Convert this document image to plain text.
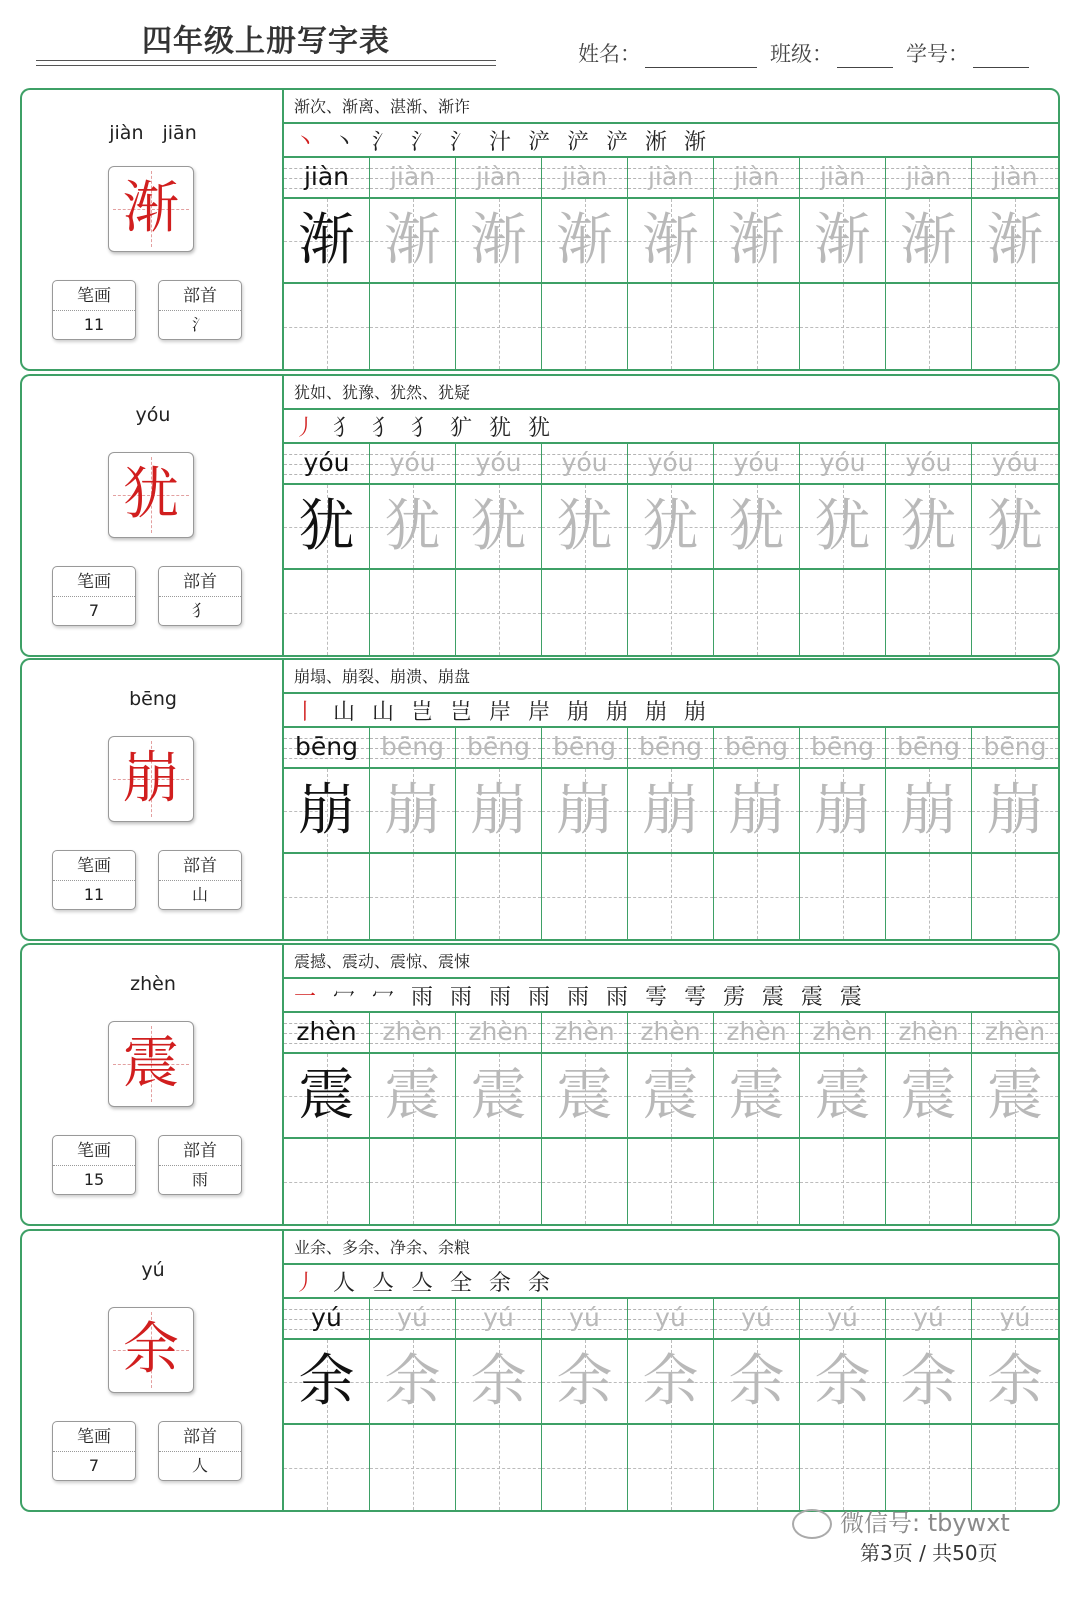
四年级上册写字表	姓名：	班级：	学号：
jiàn　jiān
渐
笔画
11
部首
氵
渐次、渐离、湛渐、渐诈
丶 丶 氵 氵 氵 汁 浐 浐 浐 淅 渐
jiàn
渐
jiàn
渐
jiàn
渐
jiàn
渐
jiàn
渐
jiàn
渐
jiàn
渐
jiàn
渐
jiàn
渐
yóu
犹
笔画
7
部首
犭
犹如、犹豫、犹然、犹疑
丿 犭 犭 犭 犷 犹 犹
yóu
犹
yóu
犹
yóu
犹
yóu
犹
yóu
犹
yóu
犹
yóu
犹
yóu
犹
yóu
犹
bēng
崩
笔画
11
部首
山
崩塌、崩裂、崩溃、崩盘
丨 山 山 岂 岂 岸 岸 崩 崩 崩 崩
bēng
崩
bēng
崩
bēng
崩
bēng
崩
bēng
崩
bēng
崩
bēng
崩
bēng
崩
bēng
崩
zhèn
震
笔画
15
部首
雨
震撼、震动、震惊、震悚
一 冖 冖 雨 雨 雨 雨 雨 雨 雩 雩 雳 震 震 震
zhèn
震
zhèn
震
zhèn
震
zhèn
震
zhèn
震
zhèn
震
zhèn
震
zhèn
震
zhèn
震
yú
余
笔画
7
部首
人
业余、多余、净余、余粮
丿 人 亼 亼 全 余 余
yú
余
yú
余
yú
余
yú
余
yú
余
yú
余
yú
余
yú
余
yú
余
微信号: tbywxt
第3页 / 共50页
